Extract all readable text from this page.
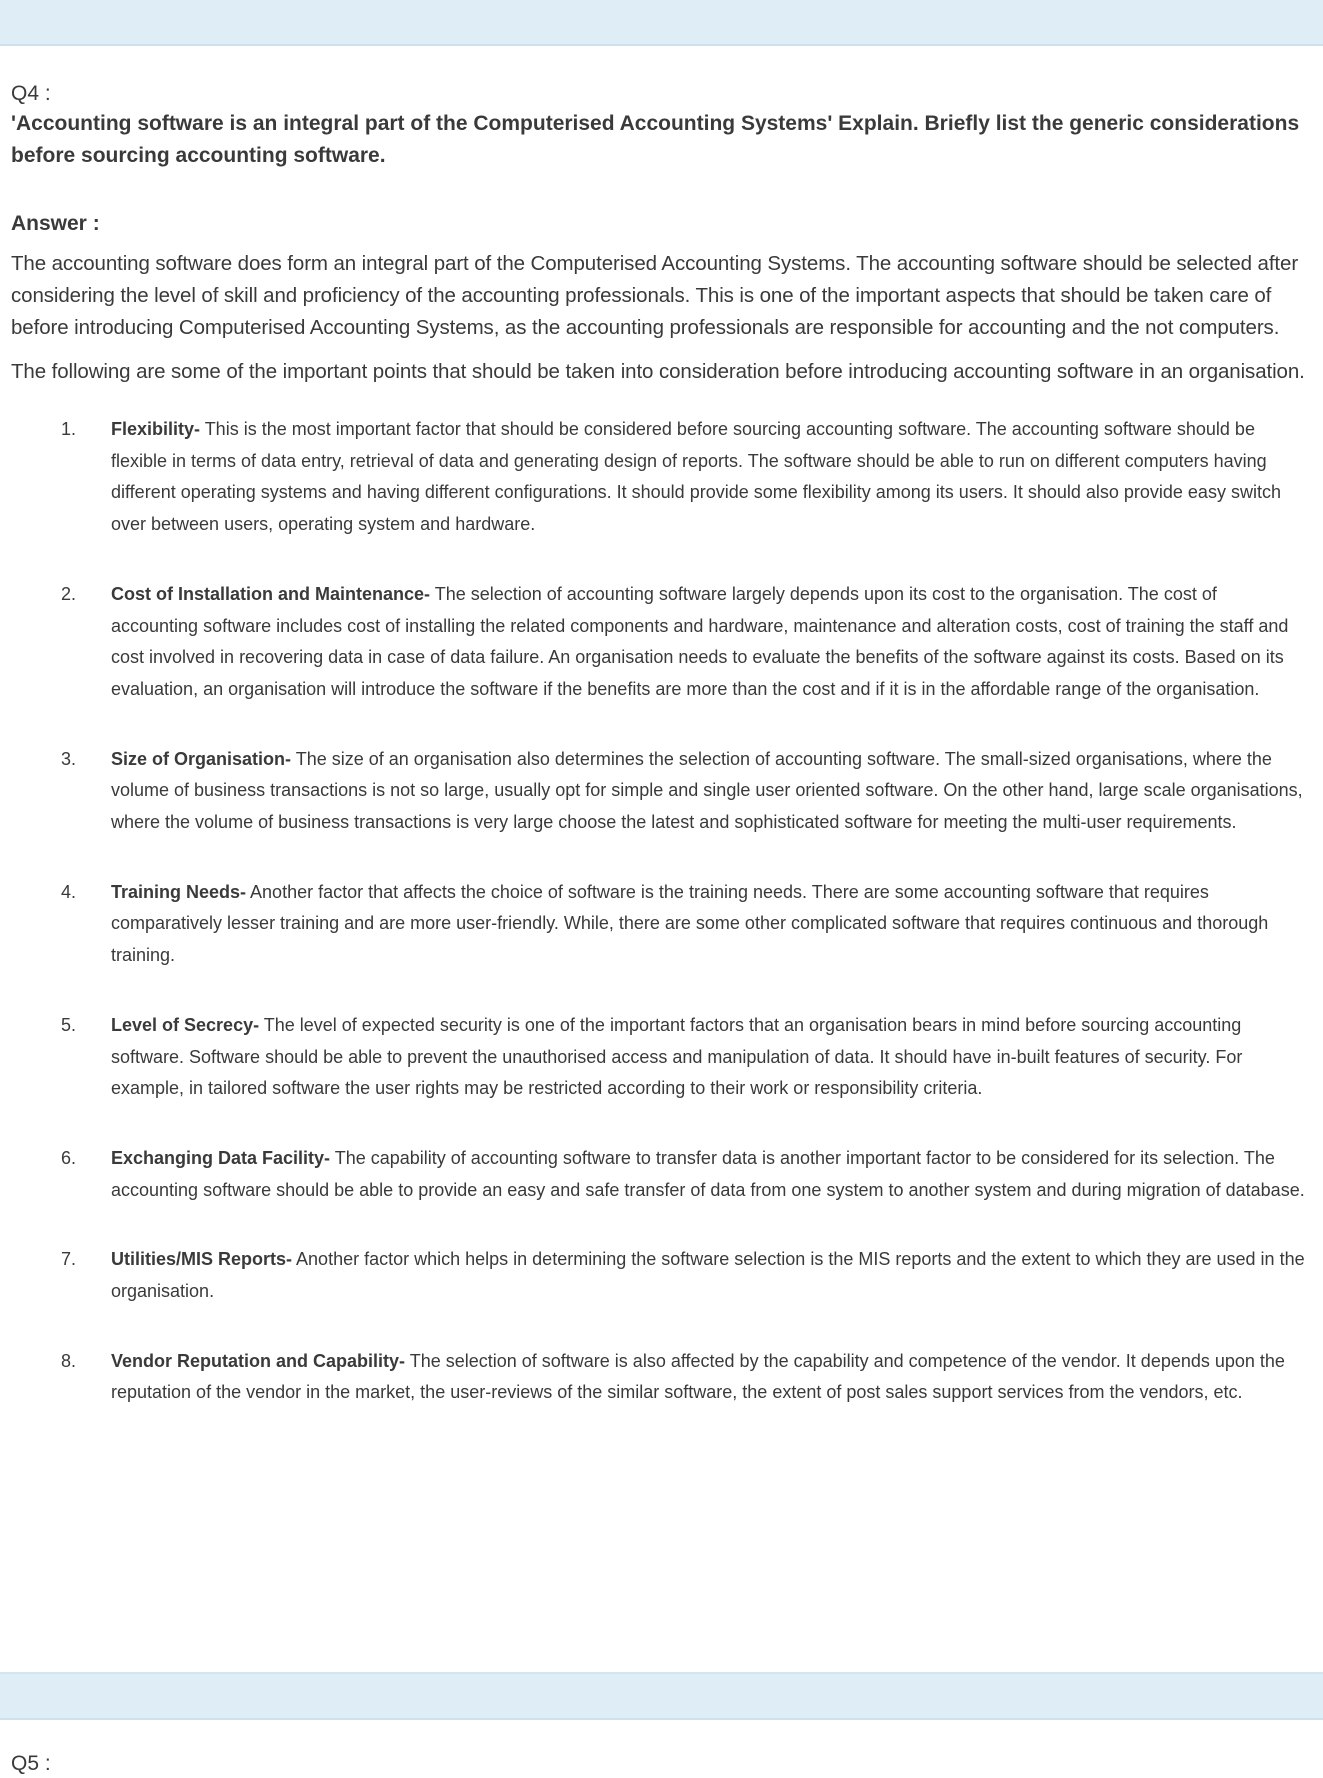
Q4 :

'Accounting software is an integral part of the Computerised Accounting Systems' Explain. Briefly list the generic considerations before sourcing accounting software.

Answer :

The accounting software does form an integral part of the Computerised Accounting Systems. The accounting software should be selected after considering the level of skill and proficiency of the accounting professionals. This is one of the important aspects that should be taken care of before introducing Computerised Accounting Systems, as the accounting professionals are responsible for accounting and the not computers.

The following are some of the important points that should be taken into consideration before introducing accounting software in an organisation.

1. Flexibility- This is the most important factor that should be considered before sourcing accounting software. The accounting software should be flexible in terms of data entry, retrieval of data and generating design of reports. The software should be able to run on different computers having different operating systems and having different configurations. It should provide some flexibility among its users. It should also provide easy switch over between users, operating system and hardware.
2. Cost of Installation and Maintenance- The selection of accounting software largely depends upon its cost to the organisation. The cost of accounting software includes cost of installing the related components and hardware, maintenance and alteration costs, cost of training the staff and cost involved in recovering data in case of data failure. An organisation needs to evaluate the benefits of the software against its costs. Based on its evaluation, an organisation will introduce the software if the benefits are more than the cost and if it is in the affordable range of the organisation.
3. Size of Organisation- The size of an organisation also determines the selection of accounting software. The small-sized organisations, where the volume of business transactions is not so large, usually opt for simple and single user oriented software. On the other hand, large scale organisations, where the volume of business transactions is very large choose the latest and sophisticated software for meeting the multi-user requirements.
4. Training Needs- Another factor that affects the choice of software is the training needs. There are some accounting software that requires comparatively lesser training and are more user-friendly. While, there are some other complicated software that requires continuous and thorough training.
5. Level of Secrecy- The level of expected security is one of the important factors that an organisation bears in mind before sourcing accounting software. Software should be able to prevent the unauthorised access and manipulation of data. It should have in-built features of security. For example, in tailored software the user rights may be restricted according to their work or responsibility criteria.
6. Exchanging Data Facility- The capability of accounting software to transfer data is another important factor to be considered for its selection. The accounting software should be able to provide an easy and safe transfer of data from one system to another system and during migration of database.
7. Utilities/MIS Reports- Another factor which helps in determining the software selection is the MIS reports and the extent to which they are used in the organisation.
8. Vendor Reputation and Capability- The selection of software is also affected by the capability and competence of the vendor. It depends upon the reputation of the vendor in the market, the user-reviews of the similar software, the extent of post sales support services from the vendors, etc.
Q5 :
